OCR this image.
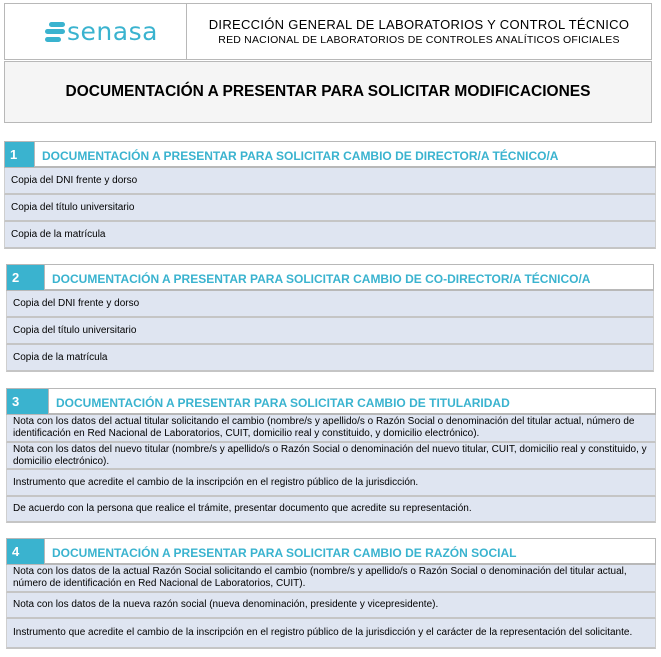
senasa	DIRECCIÓN GENERAL DE LABORATORIOS Y CONTROL TÉCNICO
RED NACIONAL DE LABORATORIOS DE CONTROLES ANALÍTICOS OFICIALES
DOCUMENTACIÓN A PRESENTAR PARA SOLICITAR MODIFICACIONES
1	DOCUMENTACIÓN A PRESENTAR PARA SOLICITAR CAMBIO DE DIRECTOR/A TÉCNICO/A
Copia del DNI frente y dorso
Copia del título universitario
Copia de la matrícula
2	DOCUMENTACIÓN A PRESENTAR PARA SOLICITAR CAMBIO DE CO-DIRECTOR/A TÉCNICO/A
Copia del DNI frente y dorso
Copia del título universitario
Copia de la matrícula
3	DOCUMENTACIÓN A PRESENTAR PARA SOLICITAR CAMBIO DE TITULARIDAD
Nota con los datos del actual titular solicitando el cambio (nombre/s y apellido/s o Razón Social o denominación del titular actual, número de identificación en Red Nacional de Laboratorios, CUIT, domicilio real y constituido, y domicilio electrónico).
Nota con los datos del nuevo titular (nombre/s y apellido/s o Razón Social o denominación del nuevo titular, CUIT, domicilio real y constituido, y domicilio electrónico).
Instrumento que acredite el cambio de la inscripción en el registro público de la jurisdicción.
De acuerdo con la persona que realice el trámite, presentar documento que acredite su representación.
4	DOCUMENTACIÓN A PRESENTAR PARA SOLICITAR CAMBIO DE RAZÓN SOCIAL
Nota con los datos de la actual Razón Social solicitando el cambio (nombre/s y apellido/s o Razón Social o denominación del titular actual, número de identificación en Red Nacional de Laboratorios, CUIT).
Nota con los datos de la nueva razón social (nueva denominación, presidente y vicepresidente).
Instrumento que acredite el cambio de la inscripción en el registro público de la jurisdicción y el carácter de la representación del solicitante.
